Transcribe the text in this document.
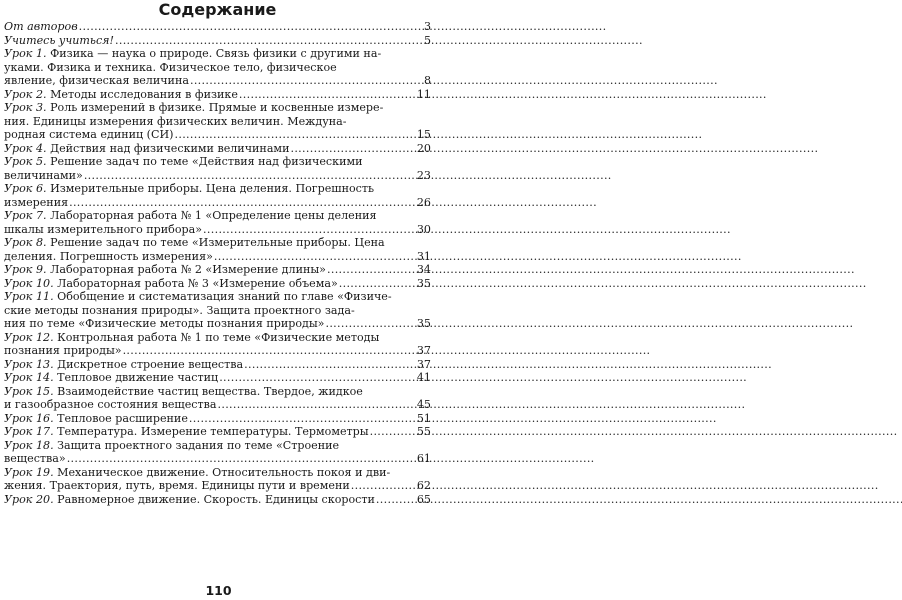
Содержание
От авторов . . .	3
Учитесь учиться! . . .	5
Урок 1. Физика — наука о природе. Связь физики с другими на-
уками. Физика и техника. Физическое тело, физическое
явление, физическая величина . . .	8
Урок 2. Методы исследования в физике . . .	11
Урок 3. Роль измерений в физике. Прямые и косвенные измере-
ния. Единицы измерения физических величин. Междуна-
родная система единиц (СИ) . . .	15
Урок 4. Действия над физическими величинами . . .	20
Урок 5. Решение задач по теме «Действия над физическими
величинами» . . .	23
Урок 6. Измерительные приборы. Цена деления. Погрешность
измерения . . .	26
Урок 7. Лабораторная работа № 1 «Определение цены деления
шкалы измерительного прибора» . . .	30
Урок 8. Решение задач по теме «Измерительные приборы. Цена
деления. Погрешность измерения» . . .	31
Урок 9. Лабораторная работа № 2 «Измерение длины» . . .	34
Урок 10. Лабораторная работа № 3 «Измерение объема» . . .	35
Урок 11. Обобщение и систематизация знаний по главе «Физиче-
ские методы познания природы». Защита проектного зада-
ния по теме «Физические методы познания природы» . . .	35
Урок 12. Контрольная работа № 1 по теме «Физические методы
познания природы» . . .	37
Урок 13. Дискретное строение вещества . . .	37
Урок 14. Тепловое движение частиц . . .	41
Урок 15. Взаимодействие частиц вещества. Твердое, жидкое
и газообразное состояния вещества . . .	45
Урок 16. Тепловое расширение . . .	51
Урок 17. Температура. Измерение температуры. Термометры . . .	55
Урок 18. Защита проектного задания по теме «Строение
вещества» . . .	61
Урок 19. Механическое движение. Относительность покоя и дви-
жения. Траектория, путь, время. Единицы пути и времени . . .	62
Урок 20. Равномерное движение. Скорость. Единицы скорости . . .	65
110
